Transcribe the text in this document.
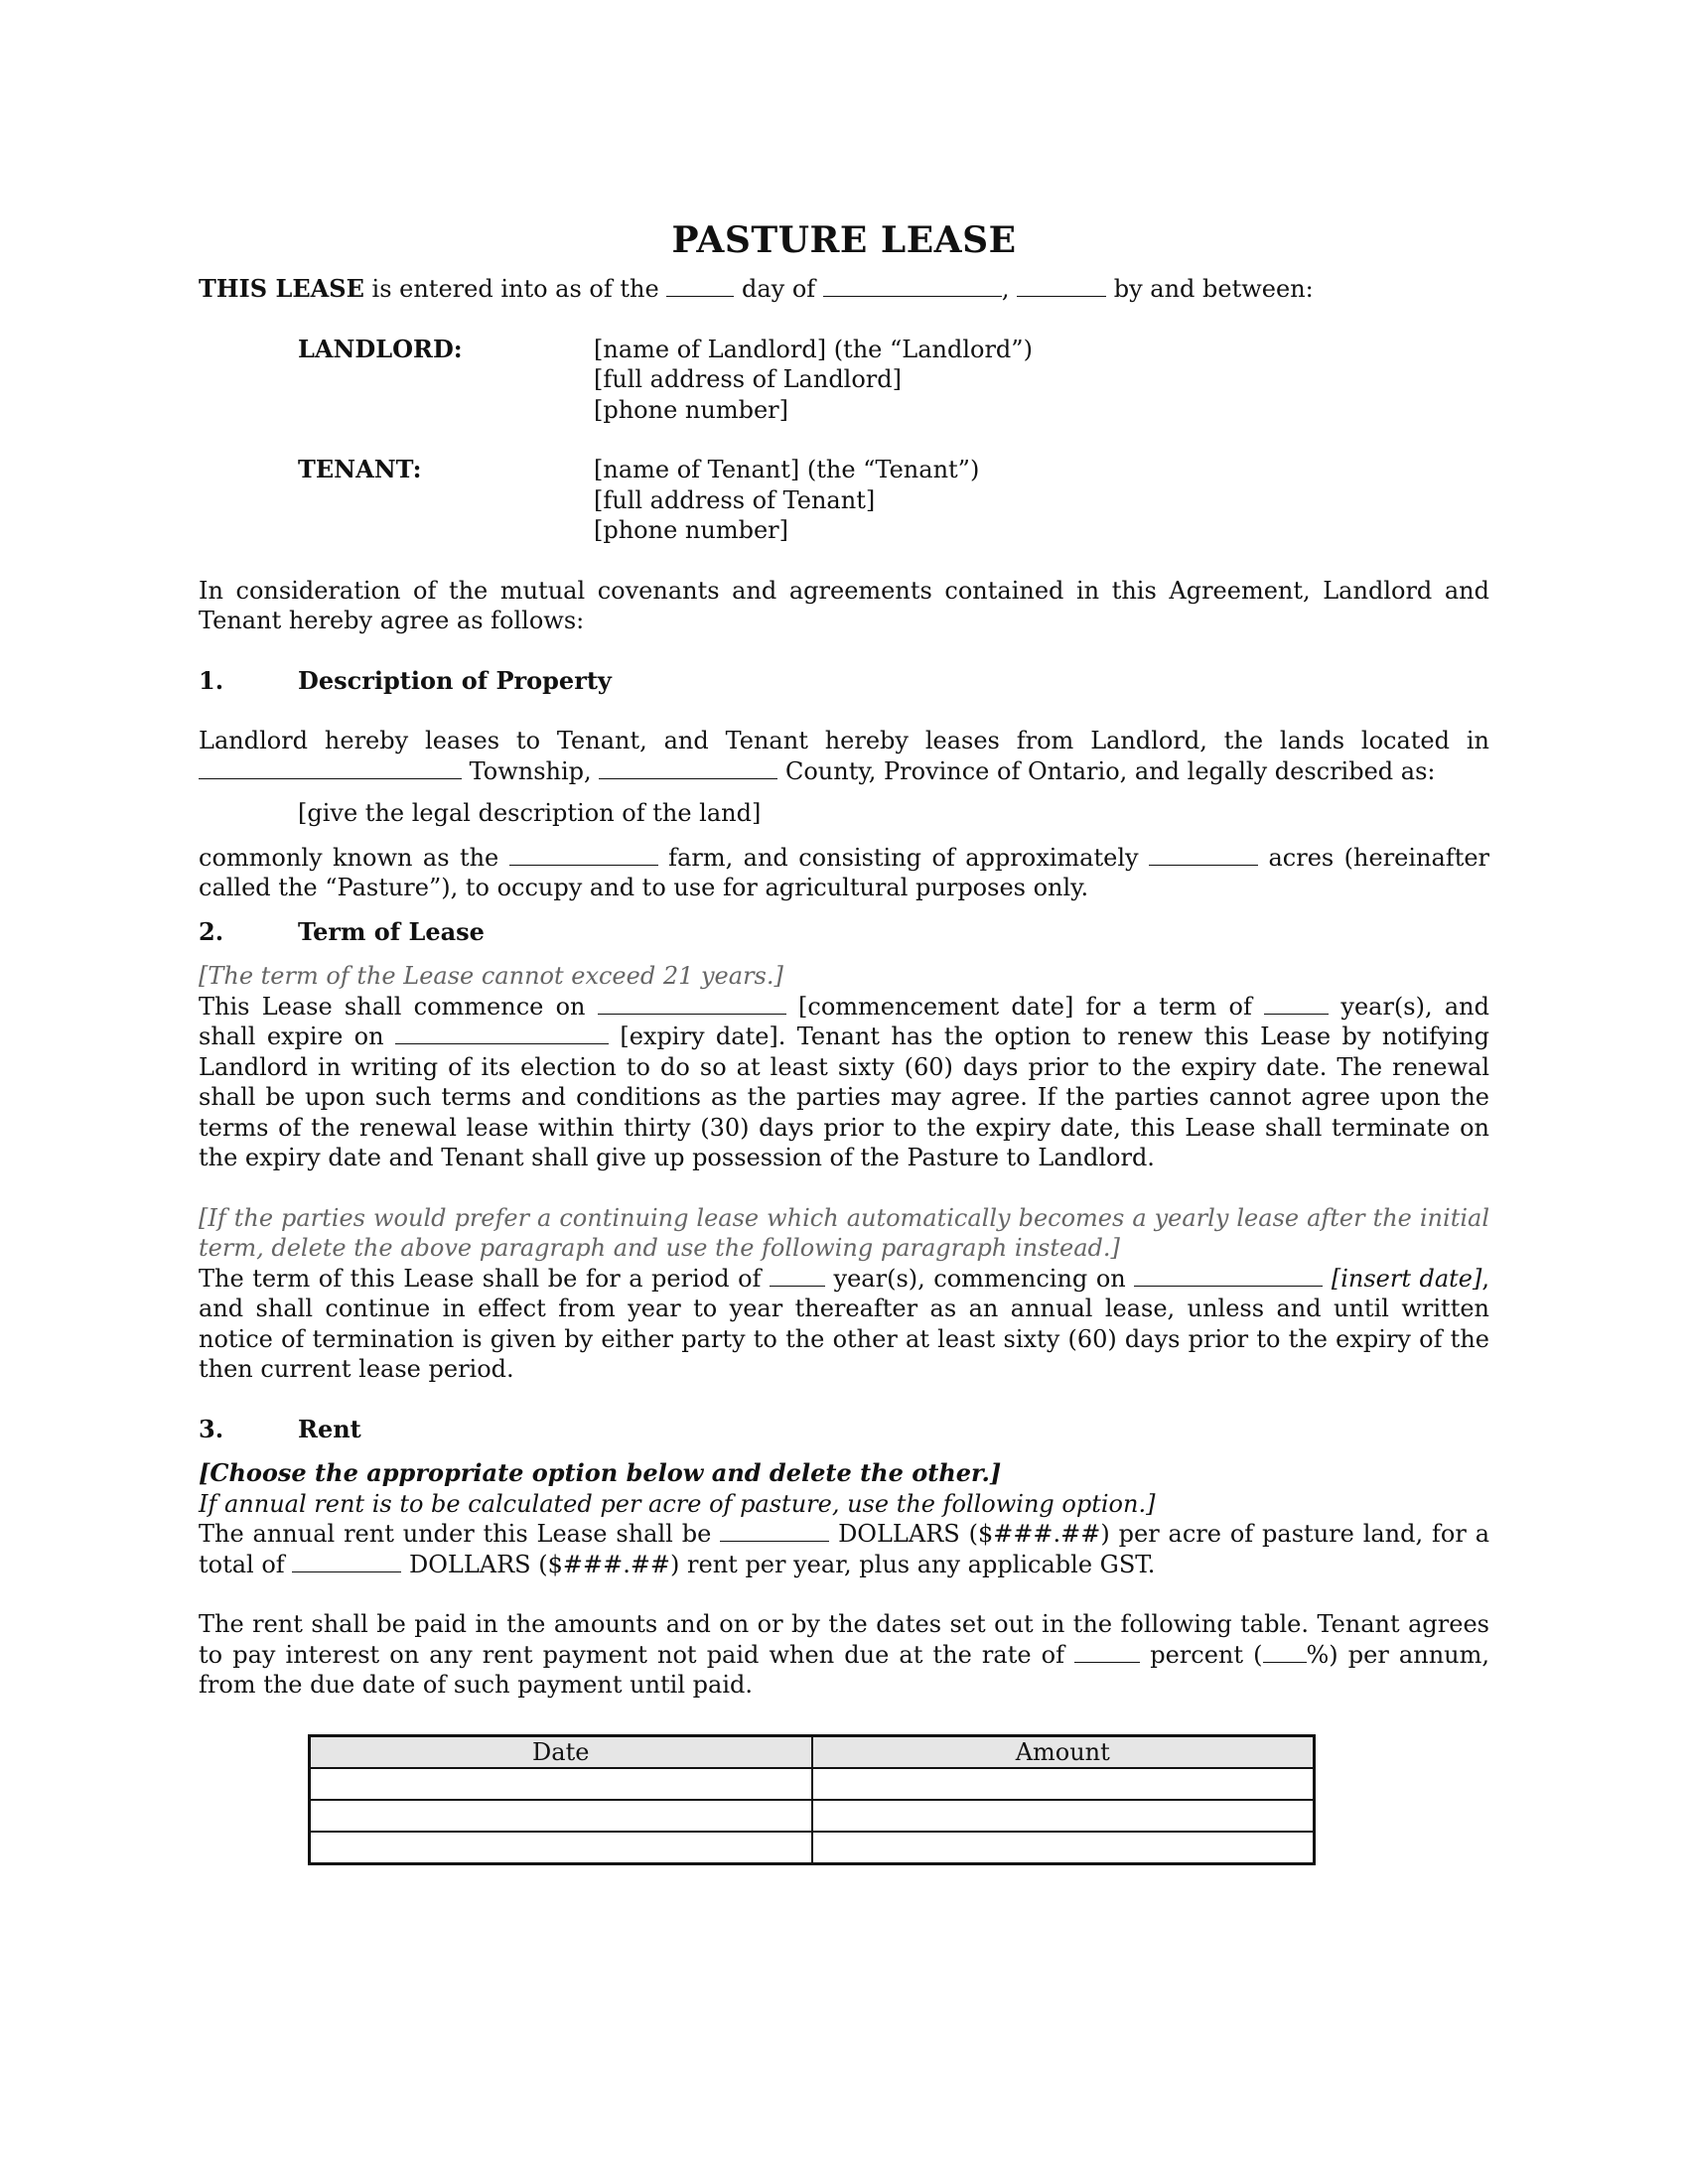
PASTURE LEASE

THIS LEASE is entered into as of the	day of	,	by and between:

LANDLORD:	[name of Landlord] (the “Landlord”)
[full address of Landlord]
[phone number]
TENANT:	[name of Tenant] (the “Tenant”)
[full address of Tenant]
[phone number]

In consideration of the mutual covenants and agreements contained in this Agreement, Landlord and Tenant hereby agree as follows:

1.	Description of Property

Landlord hereby leases to Tenant, and Tenant hereby leases from Landlord, the lands located in

Township,	County, Province of Ontario, and legally described as:

[give the legal description of the land]

commonly known as the	farm, and consisting of approximately	acres (hereinafter called the “Pasture”), to occupy and to use for agricultural purposes only.

2.	Term of Lease

[The term of the Lease cannot exceed 21 years.]

This Lease shall commence on	[commencement date] for a term of	year(s), and shall expire on	[expiry date]. Tenant has the option to renew this Lease by notifying Landlord in writing of its election to do so at least sixty (60) days prior to the expiry date. The renewal shall be upon such terms and conditions as the parties may agree. If the parties cannot agree upon the terms of the renewal lease within thirty (30) days prior to the expiry date, this Lease shall terminate on the expiry date and Tenant shall give up possession of the Pasture to Landlord.

[If the parties would prefer a continuing lease which automatically becomes a yearly lease after the initial term, delete the above paragraph and use the following paragraph instead.]

The term of this Lease shall be for a period of	year(s), commencing on	[insert date], and shall continue in effect from year to year thereafter as an annual lease, unless and until written notice of termination is given by either party to the other at least sixty (60) days prior to the expiry of the then current lease period.

3.	Rent

[Choose the appropriate option below and delete the other.]

If annual rent is to be calculated per acre of pasture, use the following option.]

The annual rent under this Lease shall be	DOLLARS ($###.##) per acre of pasture land, for a total of	DOLLARS ($###.##) rent per year, plus any applicable GST.

The rent shall be paid in the amounts and on or by the dates set out in the following table. Tenant agrees to pay interest on any rent payment not paid when due at the rate of	percent ( %) per annum, from the due date of such payment until paid.

Date	Amount
